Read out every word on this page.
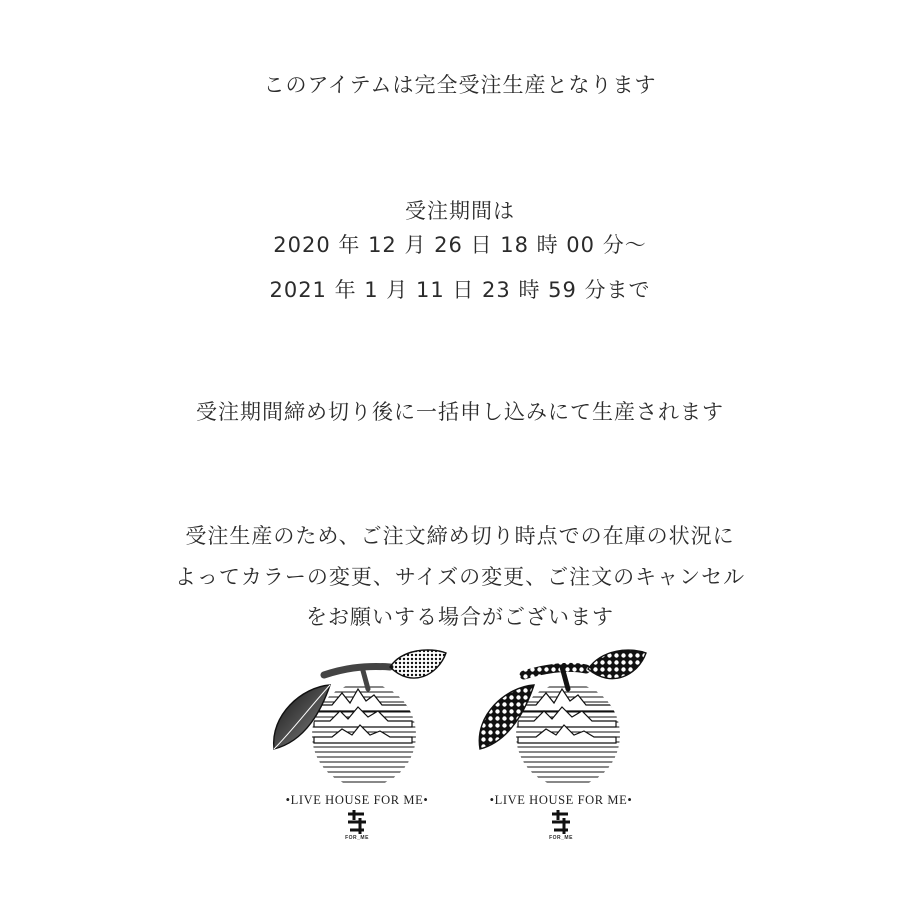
このアイテムは完全受注生産となります
受注期間は
2020 年 12 月 26 日 18 時 00 分〜
2021 年 1 月 11 日 23 時 59 分まで
受注期間締め切り後に一括申し込みにて生産されます
受注生産のため、ご注文締め切り時点での在庫の状況に
よってカラーの変更、サイズの変更、ご注文のキャンセル
をお願いする場合がございます
•LIVE HOUSE FOR ME•
FOR_ME
•LIVE HOUSE FOR ME•
FOR_ME
